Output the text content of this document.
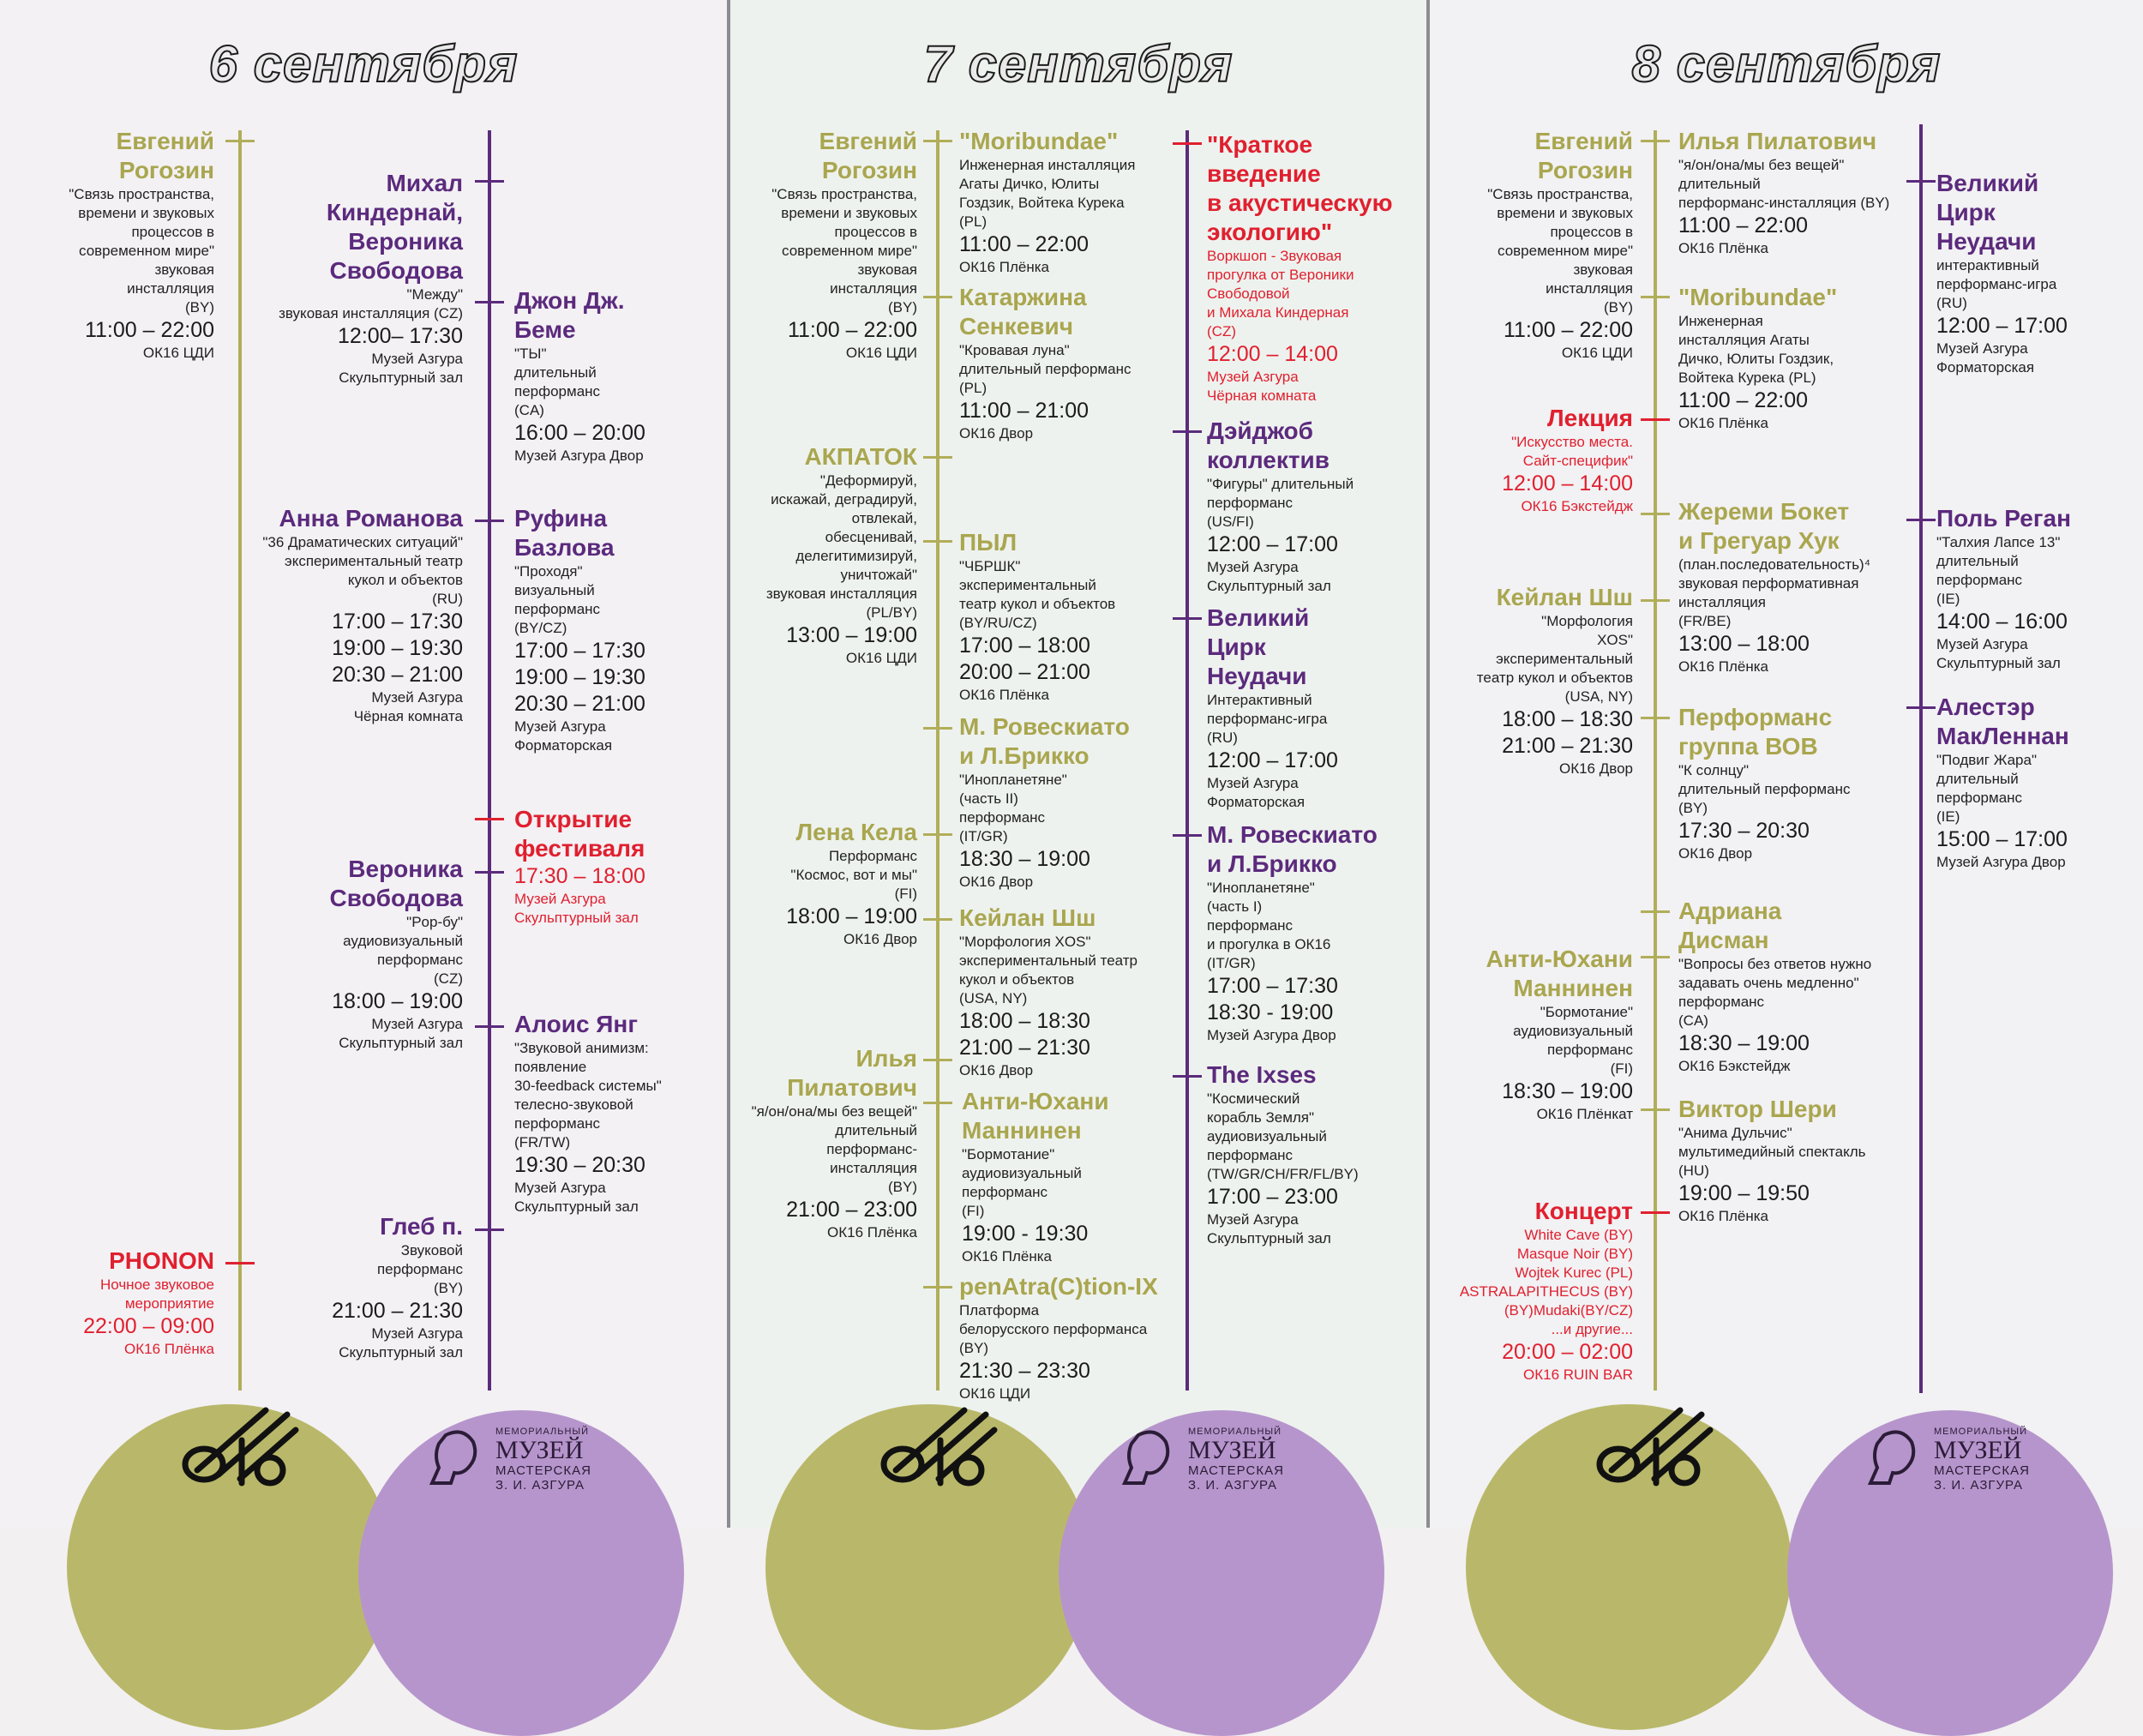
6 сентября	7 сентября	8 сентября
Евгений
Рогозин
"Связь пространства,
времени и звуковых
процессов в
современном мире"
звуковая
инсталляция
(BY)
11:00 – 22:00
ОК16 ЦДИ
Михал
Киндернай,
Вероника
Свободова
"Между"
звуковая инсталляция (CZ)
12:00– 17:30
Музей Азгура
Скульптурный зал
Анна Романова
"36 Драматических ситуаций"
экспериментальный театр
кукол и объектов
(RU)
17:00 – 17:30
19:00 – 19:30
20:30 – 21:00
Музей Азгура
Чёрная комната
Вероника
Свободова
"Pop-бу"
аудиовизуальный
перформанс
(CZ)
18:00 – 19:00
Музей Азгура
Скульптурный зал
Глеб п.
Звуковой
перформанс
(BY)
21:00 – 21:30
Музей Азгура
Скульптурный зал
PHONON
Ночное звуковое
мероприятие
22:00 – 09:00
ОК16 Плёнка
Джон Дж.
Беме
"ТЫ"
длительный
перформанс
(CA)
16:00 – 20:00
Музей Азгура Двор
Руфина
Базлова
"Проходя"
визуальный
перформанс
(BY/CZ)
17:00 – 17:30
19:00 – 19:30
20:30 – 21:00
Музей Азгура
Форматорская
Открытие
фестиваля
17:30 – 18:00
Музей Азгура
Скульптурный зал
Алоис Янг
"Звуковой анимизм:
появление
30-feedback системы"
телесно-звуковой
перформанс
(FR/TW)
19:30 – 20:30
Музей Азгура
Скульптурный зал
Евгений
Рогозин
"Связь пространства,
времени и звуковых
процессов в
современном мире"
звуковая
инсталляция
(BY)
11:00 – 22:00
ОК16 ЦДИ
АКПАТОК
"Деформируй,
искажай, деградируй,
отвлекай,
обесценивай,
делегитимизируй,
уничтожай"
звуковая инсталляция
(PL/BY)
13:00 – 19:00
ОК16 ЦДИ
Лена Кела
Перформанс
"Космос, вот и мы"
(FI)
18:00 – 19:00
ОК16 Двор
Илья
Пилатович
"я/он/она/мы без вещей"
длительный
перформанс-
инсталляция
(BY)
21:00 – 23:00
ОК16 Плёнка
"Moribundae"
Инженерная инсталляция
Агаты Дичко, Юлиты
Гоздзик, Войтека Курека
(PL)
11:00 – 22:00
ОК16 Плёнка
Катаржина
Сенкевич
"Кровавая луна"
длительный перформанс
(PL)
11:00 – 21:00
ОК16 Двор
ПЫЛ
"ЧБРШК"
экспериментальный
театр кукол и объектов
(BY/RU/CZ)
17:00 – 18:00
20:00 – 21:00
ОК16 Плёнка
М. Ровескиато
и Л.Брикко
"Инопланетяне"
(часть II)
перформанс
(IT/GR)
18:30 – 19:00
ОК16 Двор
Кейлан Шш
"Морфология XOS"
экспериментальный театр
кукол и объектов
(USA, NY)
18:00 – 18:30
21:00 – 21:30
ОК16 Двор
Анти-Юхани
Маннинен
"Бормотание"
аудиовизуальный
перформанс
(FI)
19:00 - 19:30
ОК16 Плёнка
penAtra(C)tion-IX
Платформа
белорусского перформанса
(BY)
21:30 – 23:30
ОК16 ЦДИ
"Краткое
введение
в акустическую
экологию"
Воркшоп - Звуковая
прогулка от Вероники
Свободовой
и Михала Киндерная
(CZ)
12:00 – 14:00
Музей Азгура
Чёрная комната
Дэйджоб
коллектив
"Фигуры" длительный
перформанс
(US/FI)
12:00 – 17:00
Музей Азгура
Скульптурный зал
Великий
Цирк
Неудачи
Интерактивный
перформанс-игра
(RU)
12:00 – 17:00
Музей Азгура
Форматорская
М. Ровескиато
и Л.Брикко
"Инопланетяне"
(часть I)
перформанс
и прогулка в ОК16
(IT/GR)
17:00 – 17:30
18:30 - 19:00
Музей Азгура Двор
The Ixses
"Космический
корабль Земля"
аудиовизуальный
перформанс
(TW/GR/CH/FR/FL/BY)
17:00 – 23:00
Музей Азгура
Скульптурный зал
Евгений
Рогозин
"Связь пространства,
времени и звуковых
процессов в
современном мире"
звуковая
инсталляция
(BY)
11:00 – 22:00
ОК16 ЦДИ
Лекция
"Искусство места.
Сайт-специфик"
12:00 – 14:00
ОК16 Бэкстейдж
Кейлан Шш
"Морфология
XOS"
экспериментальный
театр кукол и объектов
(USA, NY)
18:00 – 18:30
21:00 – 21:30
ОК16 Двор
Анти-Юхани
Маннинен
"Бормотание"
аудиовизуальный
перформанс
(FI)
18:30 – 19:00
ОК16 Плёнкат
Концерт
White Cave (BY)
Masque Noir (BY)
Wojtek Kurec (PL)
ASTRALAPITHECUS (BY)
(BY)Mudaki(BY/CZ)
...и другие...
20:00 – 02:00
ОК16 RUIN BAR
Илья Пилатович
"я/он/она/мы без вещей"
длительный
перформанс-инсталляция (BY)
11:00 – 22:00
ОК16 Плёнка
"Moribundae"
Инженерная
инсталляция Агаты
Дичко, Юлиты Гоздзик,
Войтека Курека (PL)
11:00 – 22:00
ОК16 Плёнка
Жереми Бокет
и Грегуар Хук
(план.последовательность)⁴
звуковая перформативная
инсталляция
(FR/BE)
13:00 – 18:00
ОК16 Плёнка
Перформанс
группа ВОВ
"К солнцу"
длительный перформанс
(BY)
17:30 – 20:30
ОК16 Двор
Адриана
Дисман
"Вопросы без ответов нужно
задавать очень медленно"
перформанс
(CA)
18:30 – 19:00
ОК16 Бэкстейдж
Виктор Шери
"Анима Дульчис"
мультимедийный спектакль
(HU)
19:00 – 19:50
ОК16 Плёнка
Великий
Цирк
Неудачи
интерактивный
перформанс-игра
(RU)
12:00 – 17:00
Музей Азгура
Форматорская
Поль Реган
"Талхия Лапсе 13"
длительный
перформанс
(IE)
14:00 – 16:00
Музей Азгура
Скульптурный зал
Алестэр
МакЛеннан
"Подвиг Жара"
длительный
перформанс
(IE)
15:00 – 17:00
Музей Азгура Двор
МЕМОРИАЛЬНЫЙ
МУЗЕЙ
МАСТЕРСКАЯ
З. И. АЗГУРА
МЕМОРИАЛЬНЫЙ
МУЗЕЙ
МАСТЕРСКАЯ
З. И. АЗГУРА
МЕМОРИАЛЬНЫЙ
МУЗЕЙ
МАСТЕРСКАЯ
З. И. АЗГУРА
